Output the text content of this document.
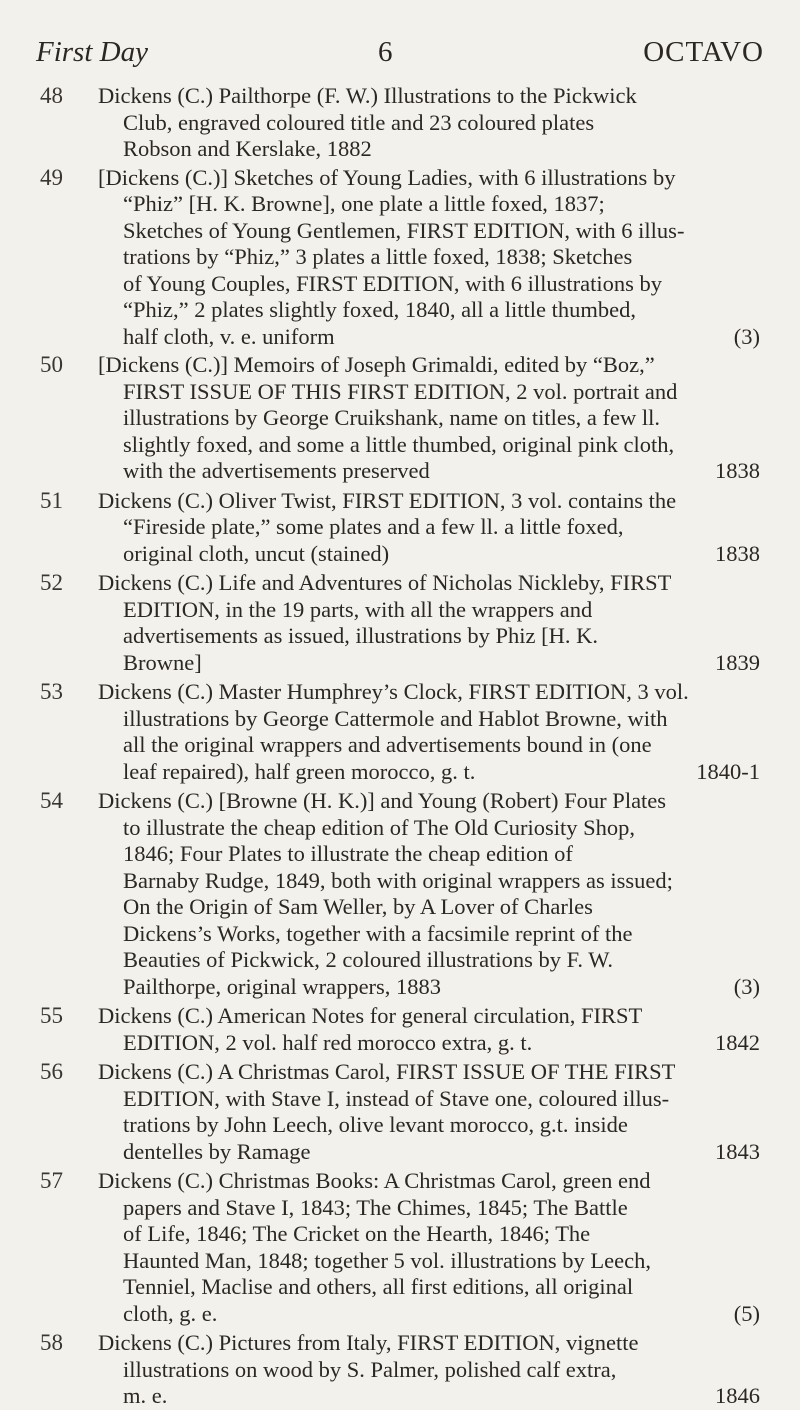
First Day	6	OCTAVO
48	Dickens (C.) Pailthorpe (F. W.) Illustrations to the Pickwick

Club, engraved coloured title and 23 coloured plates

Robson and Kerslake, 1882

49	[Dickens (C.)] Sketches of Young Ladies, with 6 illustrations by

“Phiz” [H. K. Browne], one plate a little foxed, 1837;

Sketches of Young Gentlemen, FIRST EDITION, with 6 illus-

trations by “Phiz,” 3 plates a little foxed, 1838; Sketches

of Young Couples, FIRST EDITION, with 6 illustrations by

“Phiz,” 2 plates slightly foxed, 1840, all a little thumbed,

half cloth, v. e. uniform	(3)

50	[Dickens (C.)] Memoirs of Joseph Grimaldi, edited by “Boz,”

FIRST ISSUE OF THIS FIRST EDITION, 2 vol. portrait and

illustrations by George Cruikshank, name on titles, a few ll.

slightly foxed, and some a little thumbed, original pink cloth,

with the advertisements preserved	1838

51	Dickens (C.) Oliver Twist, FIRST EDITION, 3 vol. contains the

“Fireside plate,” some plates and a few ll. a little foxed,

original cloth, uncut (stained)	1838

52	Dickens (C.) Life and Adventures of Nicholas Nickleby, FIRST

EDITION, in the 19 parts, with all the wrappers and

advertisements as issued, illustrations by Phiz [H. K.

Browne]	1839

53	Dickens (C.) Master Humphrey’s Clock, FIRST EDITION, 3 vol.

illustrations by George Cattermole and Hablot Browne, with

all the original wrappers and advertisements bound in (one

leaf repaired), half green morocco, g. t.	1840-1

54	Dickens (C.) [Browne (H. K.)] and Young (Robert) Four Plates

to illustrate the cheap edition of The Old Curiosity Shop,

1846; Four Plates to illustrate the cheap edition of

Barnaby Rudge, 1849, both with original wrappers as issued;

On the Origin of Sam Weller, by A Lover of Charles

Dickens’s Works, together with a facsimile reprint of the

Beauties of Pickwick, 2 coloured illustrations by F. W.

Pailthorpe, original wrappers, 1883	(3)

55	Dickens (C.) American Notes for general circulation, FIRST

EDITION, 2 vol. half red morocco extra, g. t.	1842

56	Dickens (C.) A Christmas Carol, FIRST ISSUE OF THE FIRST

EDITION, with Stave I, instead of Stave one, coloured illus-

trations by John Leech, olive levant morocco, g.t. inside

dentelles by Ramage	1843

57	Dickens (C.) Christmas Books: A Christmas Carol, green end

papers and Stave I, 1843; The Chimes, 1845; The Battle

of Life, 1846; The Cricket on the Hearth, 1846; The

Haunted Man, 1848; together 5 vol. illustrations by Leech,

Tenniel, Maclise and others, all first editions, all original

cloth, g. e.	(5)

58	Dickens (C.) Pictures from Italy, FIRST EDITION, vignette

illustrations on wood by S. Palmer, polished calf extra,

m. e.	1846
